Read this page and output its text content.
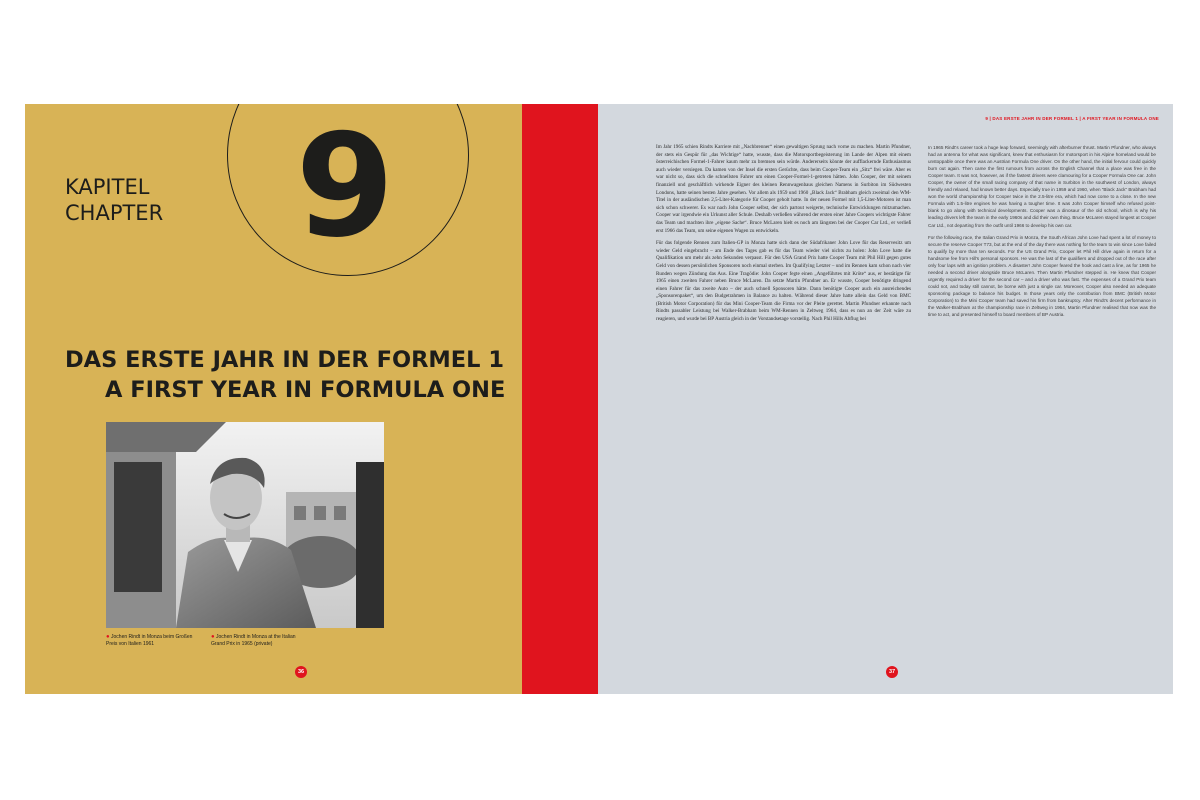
9
KAPITEL
CHAPTER
DAS ERSTE JAHR IN DER FORMEL 1
A FIRST YEAR IN FORMULA ONE
● Jochen Rindt in Monza beim Großen Preis von Italien 1961
● Jochen Rindt in Monza at the Italian Grand Prix in 1965 (private)
36
9 | DAS ERSTE JAHR IN DER FORMEL 1 | A FIRST YEAR IN FORMULA ONE

Im Jahr 1965 schien Rindts Karriere mit „Nachbrenner“ einen gewaltigen Sprung nach vorne zu machen. Martin Pfundner, der stets ein Gespür für „das Wichtige“ hatte, wusste, dass die Motorsportbegeisterung im Lande der Alpen mit einem österreichischen Formel-1-Fahrer kaum mehr zu bremsen sein würde. Andererseits könnte der aufflackernde Enthusiasmus auch wieder versiegen. Da kamen von der Insel die ersten Gerüchte, dass beim Cooper-Team ein „Sitz“ frei wäre. Aber es war nicht so, dass sich die schnellsten Fahrer um einen Cooper-Formel-1-getreten hätten. John Cooper, der mit seinem finanziell und geschäftlich wirkende Eigner des kleinen Rennwagenbaus gleichen Namens in Surbiton im Südwesten Londons, hatte seinen besten Jahre gesehen. Vor allem als 1959 und 1960 „Black Jack“ Brabham gleich zweimal den WM-Titel in der ausländischen 2,5-Liter-Kategorie für Cooper geholt hatte. In der neuen Formel mit 1,5-Liter-Motoren ist man sich schon schwerer. Es war nach John Cooper selbst, der sich partout weigerte, technische Entwicklungen mitzumachen. Cooper war irgendwie ein Urkunst aller Schule. Deshalb verließen während der ersten einer Jahre Coopers wichtigste Fahrer das Team und machten ihre „eigene Sache“. Bruce McLaren hielt es noch am längsten bei der Cooper Car Ltd., er verließ erst 1966 das Team, um seine eigenen Wagen zu entwickeln.

Für das folgende Rennen zum Italien-GP in Monza hatte sich dann der Südafrikaner John Love für das Reservesitz um wieder Geld eingebracht – am Ende des Tages gab es für das Team wieder viel nichts zu holen: John Love hatte die Qualifikation um mehr als zehn Sekunden verpasst. Für den USA Grand Prix hatte Cooper Team mit Phil Hill gegen gutes Geld von dessen persönlichen Sponsoren noch einmal sterben. Im Qualifying Letzter – und im Rennen kam schon nach vier Runden wegen Zündung das Aus. Eine Tragödie: John Cooper fegte einen „Angeführtes mit Kröte“ aus, er bestätigte für 1965 einen zweiten Fahrer neben Bruce McLaren. Da setzte Martin Pfundner an. Er wusste, Cooper benötigte dringend einen Fahrer für das zweite Auto – der auch schnell Sponsoren hätte. Dann benötigte Cooper auch ein ausreichendes „Sponsorenpaket“, um den Budgetrahmen in Balance zu halten. Während dieser Jahre hatte allein das Geld von BMC (British Motor Corporation) für das Mini Cooper-Team die Firma vor der Pleite gerettet. Martin Pfundner erkannte nach Rindts passabler Leistung bei Walker-Brabham beim WM-Rennen in Zeltweg 1964, dass es nun an der Zeit wäre zu reagieren, und wurde bei BP Austria gleich in der Vorstandsetage vorstellig. Nach Phil Hills Abflug bei

In 1965 Rindt's career took a huge leap forward, seemingly with afterburner thrust. Martin Pfundner, who always had an antenna for what was significant, knew that enthusiasm for motorsport in his Alpine homeland would be unstoppable once there was an Austrian Formula One driver. On the other hand, the initial fervour could quickly burn out again. Then came the first rumours from across the English Channel that a place was free in the Cooper team. It was not, however, as if the fastest drivers were clamouring for a Cooper Formula One car. John Cooper, the owner of the small racing company of that name in Surbiton in the southwest of London, always friendly and relaxed, had known better days. Especially true in 1959 and 1960, when “Black Jack” Brabham had won the world championship for Cooper twice in the 2.5-litre era, which had now come to a close. In the new Formula with 1.5-litre engines he was having a tougher time. It was John Cooper himself who refused point-blank to go along with technical developments. Cooper was a dinosaur of the old school, which is why his leading drivers left the team in the early 1960s and did their own thing. Bruce McLaren stayed longest at Cooper Car Ltd., not departing from the outfit until 1966 to develop his own car.

For the following race, the Italian Grand Prix in Monza, the South African John Love had spent a lot of money to secure the reserve Cooper T73, but at the end of the day there was nothing for the team to win since Love failed to qualify by more than ten seconds. For the US Grand Prix, Cooper let Phil Hill drive again in return for a handsome fee from Hill's personal sponsors. He was the last of the qualifiers and dropped out of the race after only four laps with an ignition problem. A disaster! John Cooper feared the hook and cast a line, as for 1965 he needed a second driver alongside Bruce McLaren. Then Martin Pfundner stepped in. He knew that Cooper urgently required a driver for the second car – and a driver who was fast. The expenses of a Grand Prix team could not, and today still cannot, be borne with just a single car. Moreover, Cooper also needed an adequate sponsoring package to balance his budget. In those years only the contribution from BMC (British Motor Corporation) to the Mini Cooper team had saved his firm from bankruptcy. After Rindt's decent performance in the Walker-Brabham at the championship race in Zeltweg in 1964, Martin Pfundner realised that now was the time to act, and presented himself to board members of BP Austria.

37
